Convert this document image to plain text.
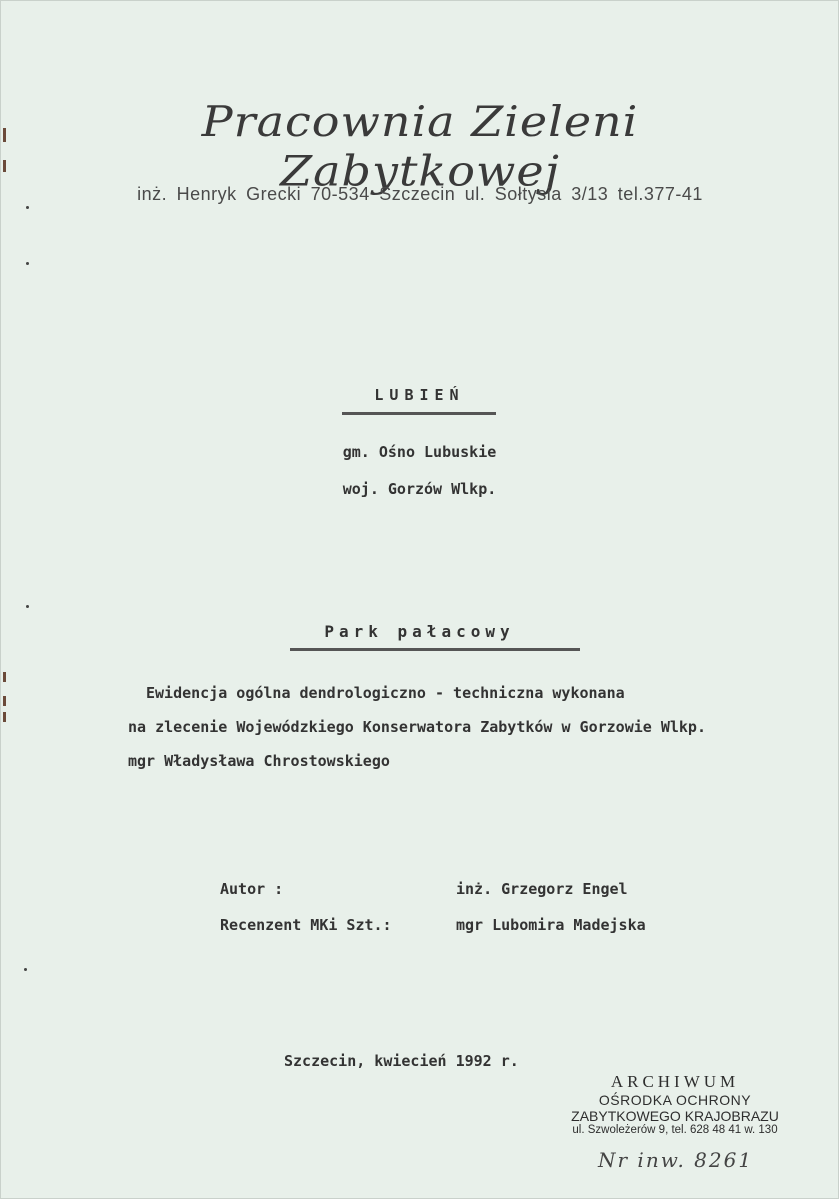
Pracownia Zieleni Zabytkowej
inż. Henryk Grecki 70-534 Szczecin ul. Sołtysia 3/13 tel.377-41
LUBIEŃ
gm. Ośno Lubuskie
woj. Gorzów Wlkp.
Park pałacowy
Ewidencja ogólna dendrologiczno - techniczna wykonana
na zlecenie Wojewódzkiego Konserwatora Zabytków w Gorzowie Wlkp.
mgr Władysława Chrostowskiego
Autor :	inż. Grzegorz Engel
Recenzent MKi Szt.:	mgr Lubomira Madejska
Szczecin, kwiecień 1992 r.
ARCHIWUM
OŚRODKA OCHRONY
ZABYTKOWEGO KRAJOBRAZU
ul. Szwoleżerów 9, tel. 628 48 41 w. 130
Nr inw. 8261
